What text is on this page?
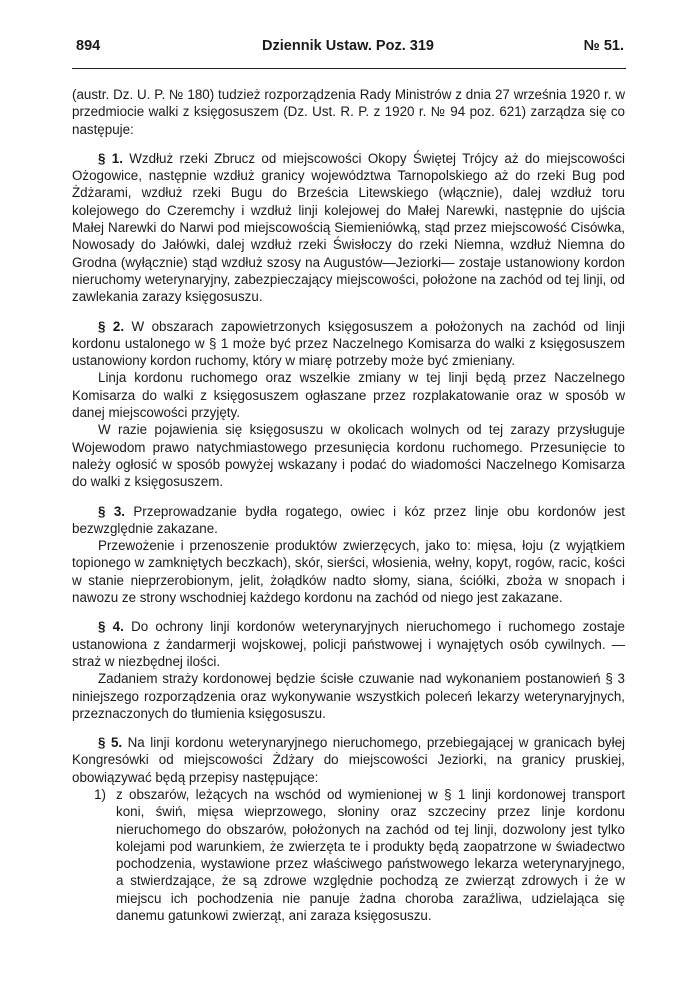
894	Dziennik Ustaw. Poz. 319	№ 51.

(austr. Dz. U. P. № 180) tudzież rozporządzenia Rady Ministrów z dnia 27 września 1920 r. w przedmiocie walki z księgosuszem (Dz. Ust. R. P. z 1920 r. № 94 poz. 621) zarządza się co następuje:

§ 1. Wzdłuż rzeki Zbrucz od miejscowości Okopy Świętej Trójcy aż do miejscowości Ożogowice, następnie wzdłuż granicy województwa Tarnopolskiego aż do rzeki Bug pod Żdżarami, wzdłuż rzeki Bugu do Brześcia Litewskiego (włącznie), dalej wzdłuż toru kolejowego do Czeremchy i wzdłuż linji kolejowej do Małej Narewki, następnie do ujścia Małej Narewki do Narwi pod miejscowością Siemieniówką, stąd przez miejscowość Cisówka, Nowosady do Jałówki, dalej wzdłuż rzeki Świsłoczy do rzeki Niemna, wzdłuż Niemna do Grodna (wyłącznie) stąd wzdłuż szosy na Augustów—Jeziorki— zostaje ustanowiony kordon nieruchomy weterynaryjny, zabezpieczający miejscowości, położone na zachód od tej linji, od zawlekania zarazy księgosuszu.

§ 2. W obszarach zapowietrzonych księgosuszem a położonych na zachód od linji kordonu ustalonego w § 1 może być przez Naczelnego Komisarza do walki z księgosuszem ustanowiony kordon ruchomy, który w miarę potrzeby może być zmieniany.

Linja kordonu ruchomego oraz wszelkie zmiany w tej linji będą przez Naczelnego Komisarza do walki z księgosuszem ogłaszane przez rozplakatowanie oraz w sposób w danej miejscowości przyjęty.

W razie pojawienia się księgosuszu w okolicach wolnych od tej zarazy przysługuje Wojewodom prawo natychmiastowego przesunięcia kordonu ruchomego. Przesunięcie to należy ogłosić w sposób powyżej wskazany i podać do wiadomości Naczelnego Komisarza do walki z księgosuszem.

§ 3. Przeprowadzanie bydła rogatego, owiec i kóz przez linje obu kordonów jest bezwzględnie zakazane.

Przewożenie i przenoszenie produktów zwierzęcych, jako to: mięsa, łoju (z wyjątkiem topionego w zamkniętych beczkach), skór, sierści, włosienia, wełny, kopyt, rogów, racic, kości w stanie nieprzerobionym, jelit, żołądków nadto słomy, siana, ściółki, zboża w snopach i nawozu ze strony wschodniej każdego kordonu na zachód od niego jest zakazane.

§ 4. Do ochrony linji kordonów weterynaryjnych nieruchomego i ruchomego zostaje ustanowiona z żandarmerji wojskowej, policji państwowej i wynajętych osób cywilnych. — straż w niezbędnej ilości.

Zadaniem straży kordonowej będzie ścisłe czuwanie nad wykonaniem postanowień § 3 niniejszego rozporządzenia oraz wykonywanie wszystkich poleceń lekarzy weterynaryjnych, przeznaczonych do tłumienia księgosuszu.

§ 5. Na linji kordonu weterynaryjnego nieruchomego, przebiegającej w granicach byłej Kongresówki od miejscowości Żdżary do miejscowości Jeziorki, na granicy pruskiej, obowiązywać będą przepisy następujące:

1) z obszarów, leżących na wschód od wymienionej w § 1 linji kordonowej transport koni, świń, mięsa wieprzowego, słoniny oraz szczeciny przez linje kordonu nieruchomego do obszarów, położonych na zachód od tej linji, dozwolony jest tylko kolejami pod warunkiem, że zwierzęta te i produkty będą zaopatrzone w świadectwo pochodzenia, wystawione przez właściwego państwowego lekarza weterynaryjnego, a stwierdzające, że są zdrowe względnie pochodzą ze zwierząt zdrowych i że w miejscu ich pochodzenia nie panuje żadna choroba zaraźliwa, udzielająca się danemu gatunkowi zwierząt, ani zaraza księgosuszu.
